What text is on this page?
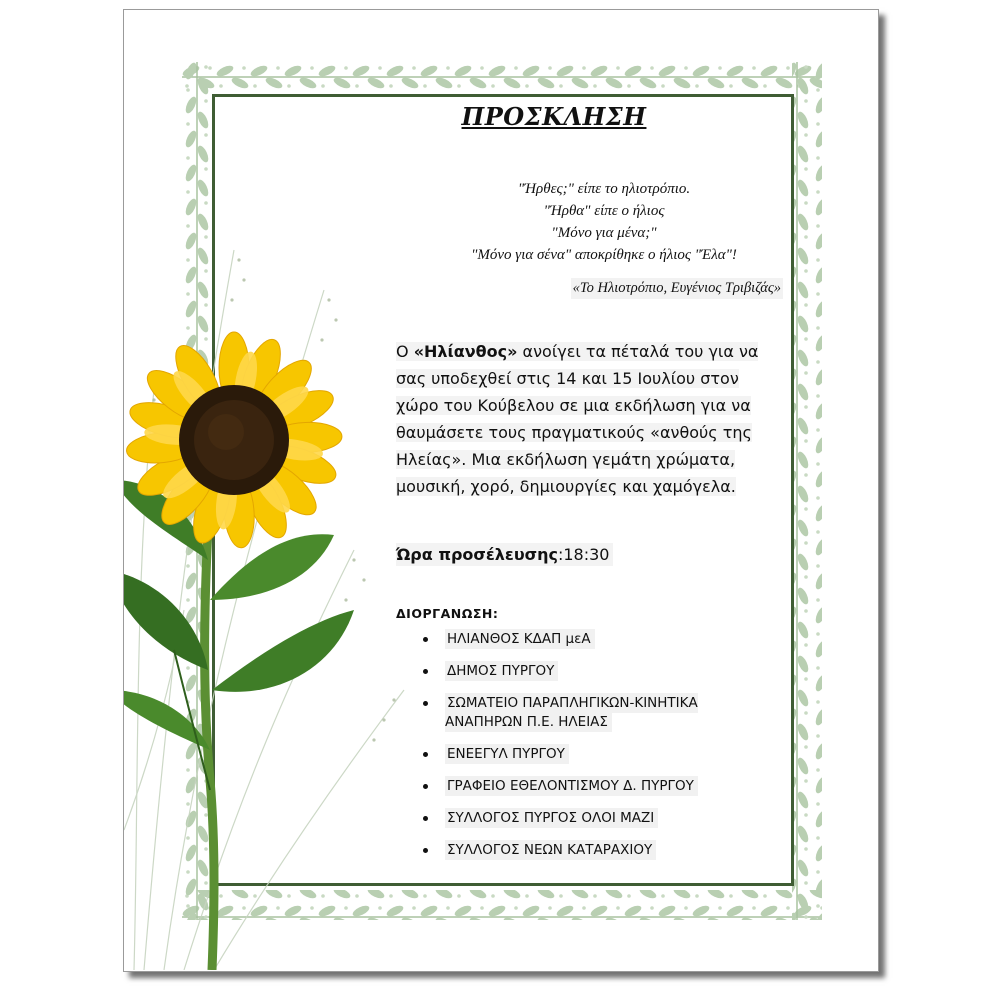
ΠΡΟΣΚΛΗΣΗ
"Ήρθες;" είπε το ηλιοτρόπιο.
"Ήρθα" είπε ο ήλιος
"Μόνο για μένα;"
"Μόνο για σένα" αποκρίθηκε ο ήλιος "Έλα"!
«Το Ηλιοτρόπιο, Ευγένιος Τριβιζάς»
Ο «Ηλίανθος» ανοίγει τα πέταλά του για να
σας υποδεχθεί στις 14 και 15 Ιουλίου στον
χώρο του Κούβελου σε μια εκδήλωση για να
θαυμάσετε τους πραγματικούς «ανθούς της
Ηλείας». Μια εκδήλωση γεμάτη χρώματα,
μουσική, χορό, δημιουργίες και χαμόγελα.
Ώρα προσέλευσης:18:30
ΔΙΟΡΓΑΝΩΣΗ:
ΗΛΙΑΝΘΟΣ ΚΔΑΠ μεΑ
ΔΗΜΟΣ ΠΥΡΓΟΥ
ΣΩΜΑΤΕΙΟ ΠΑΡΑΠΛΗΓΙΚΩΝ-ΚΙΝΗΤΙΚΑ ΑΝΑΠΗΡΩΝ Π.Ε. ΗΛΕΙΑΣ
ΕΝΕΕΓΥΛ ΠΥΡΓΟΥ
ΓΡΑΦΕΙΟ ΕΘΕΛΟΝΤΙΣΜΟΥ Δ. ΠΥΡΓΟΥ
ΣΥΛΛΟΓΟΣ ΠΥΡΓΟΣ ΟΛΟΙ ΜΑΖΙ
ΣΥΛΛΟΓΟΣ ΝΕΩΝ ΚΑΤΑΡΑΧΙΟΥ
